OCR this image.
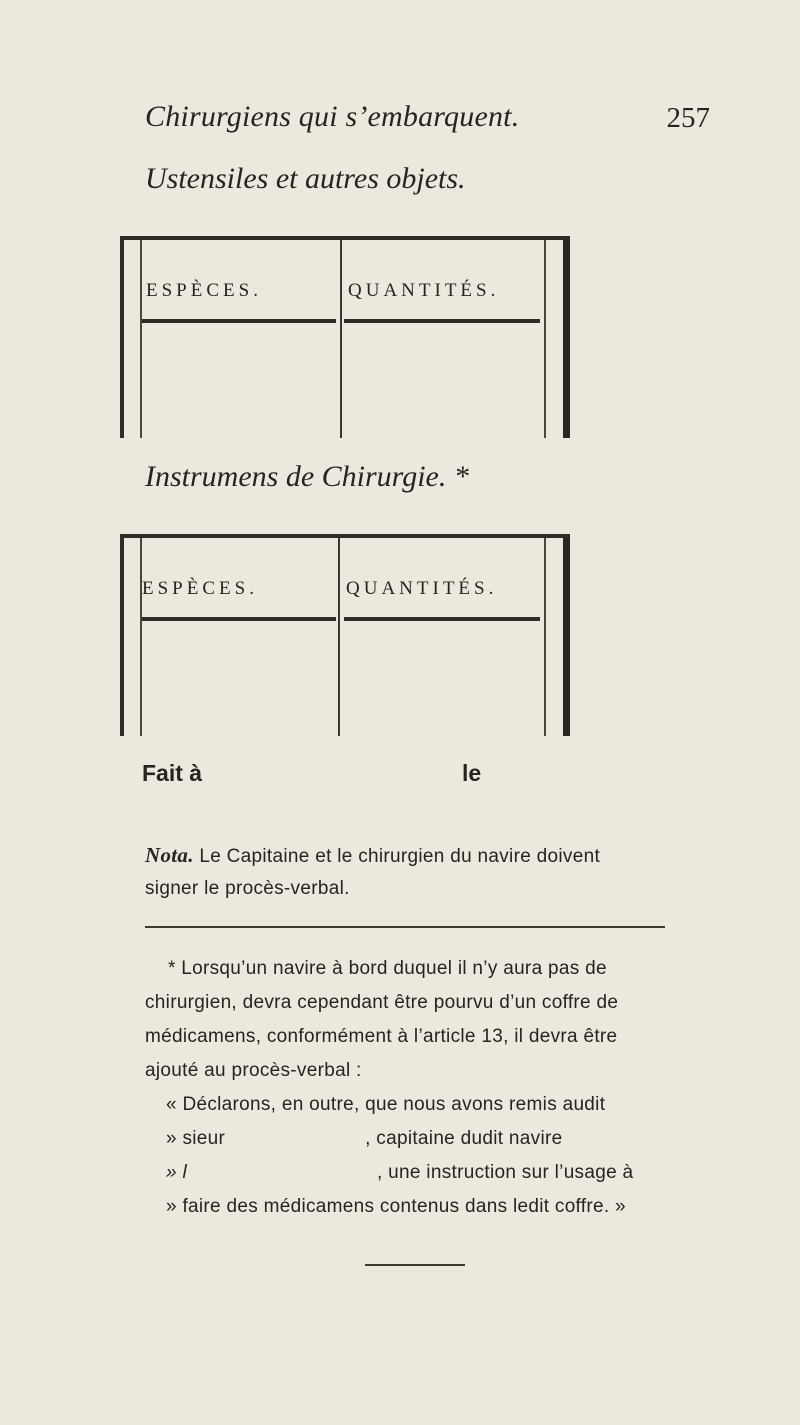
Chirurgiens qui s’embarquent.	257
Ustensiles et autres objets.
ESPÈCES.	QUANTITÉS.
Instrumens de Chirurgie. *
ESPÈCES.	QUANTITÉS.
Fait à	le
Nota. Le Capitaine et le chirurgien du navire doivent
signer le procès-verbal.
* Lorsqu’un navire à bord duquel il n’y aura pas de
chirurgien, devra cependant être pourvu d’un coffre de
médicamens, conformément à l’article 13, il devra être
ajouté au procès-verbal :
« Déclarons, en outre, que nous avons remis audit
» sieur	, capitaine dudit navire
» l	, une instruction sur l’usage à
» faire des médicamens contenus dans ledit coffre. »
